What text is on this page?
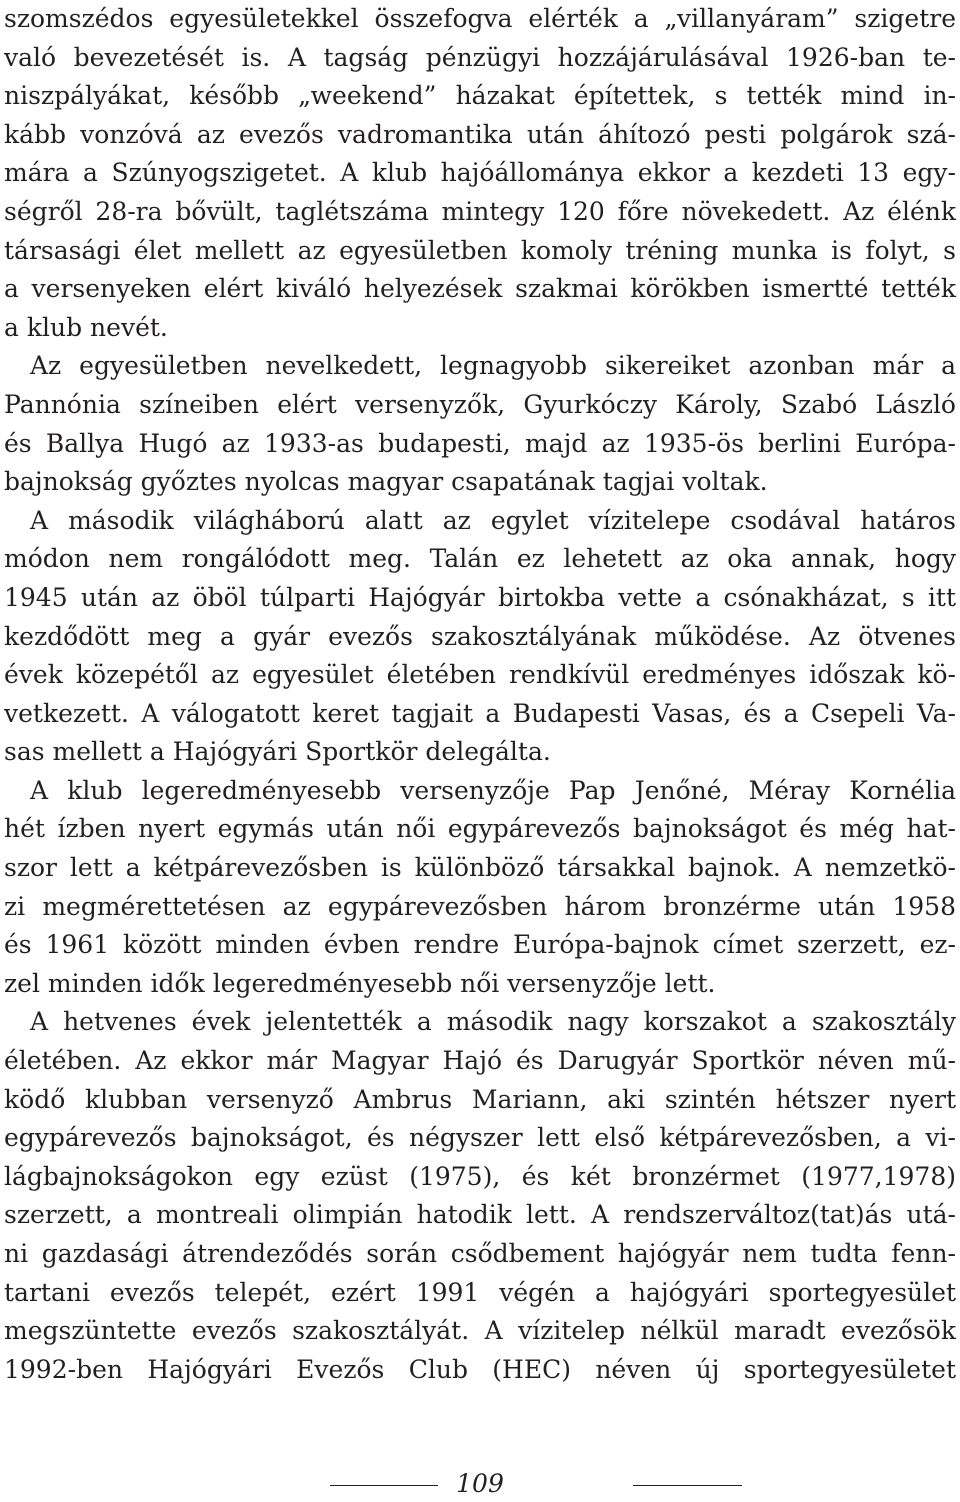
szomszédos egyesületekkel összefogva elérték a „villanyáram” szigetre
való bevezetését is. A tagság pénzügyi hozzájárulásával 1926-ban te-
niszpályákat, később „weekend” házakat építettek, s tették mind in-
kább vonzóvá az evezős vadromantika után áhítozó pesti polgárok szá-
mára a Szúnyogszigetet. A klub hajóállománya ekkor a kezdeti 13 egy-
ségről 28-ra bővült, taglétszáma mintegy 120 főre növekedett. Az élénk
társasági élet mellett az egyesületben komoly tréning munka is folyt, s
a versenyeken elért kiváló helyezések szakmai körökben ismertté tették
a klub nevét.
Az egyesületben nevelkedett, legnagyobb sikereiket azonban már a
Pannónia színeiben elért versenyzők, Gyurkóczy Károly, Szabó László
és Ballya Hugó az 1933-as budapesti, majd az 1935-ös berlini Európa-
bajnokság győztes nyolcas magyar csapatának tagjai voltak.
A második világháború alatt az egylet vízitelepe csodával határos
módon nem rongálódott meg. Talán ez lehetett az oka annak, hogy
1945 után az öböl túlparti Hajógyár birtokba vette a csónakházat, s itt
kezdődött meg a gyár evezős szakosztályának működése. Az ötvenes
évek közepétől az egyesület életében rendkívül eredményes időszak kö-
vetkezett. A válogatott keret tagjait a Budapesti Vasas, és a Csepeli Va-
sas mellett a Hajógyári Sportkör delegálta.
A klub legeredményesebb versenyzője Pap Jenőné, Méray Kornélia
hét ízben nyert egymás után női egypárevezős bajnokságot és még hat-
szor lett a kétpárevezősben is különböző társakkal bajnok. A nemzetkö-
zi megmérettetésen az egypárevezősben három bronzérme után 1958
és 1961 között minden évben rendre Európa-bajnok címet szerzett, ez-
zel minden idők legeredményesebb női versenyzője lett.
A hetvenes évek jelentették a második nagy korszakot a szakosztály
életében. Az ekkor már Magyar Hajó és Darugyár Sportkör néven mű-
ködő klubban versenyző Ambrus Mariann, aki szintén hétszer nyert
egypárevezős bajnokságot, és négyszer lett első kétpárevezősben, a vi-
lágbajnokságokon egy ezüst (1975), és két bronzérmet (1977,1978)
szerzett, a montreali olimpián hatodik lett. A rendszerváltoz(tat)ás utá-
ni gazdasági átrendeződés során csődbement hajógyár nem tudta fenn-
tartani evezős telepét, ezért 1991 végén a hajógyári sportegyesület
megszüntette evezős szakosztályát. A vízitelep nélkül maradt evezősök
1992-ben Hajógyári Evezős Club (HEC) néven új sportegyesületet
109
